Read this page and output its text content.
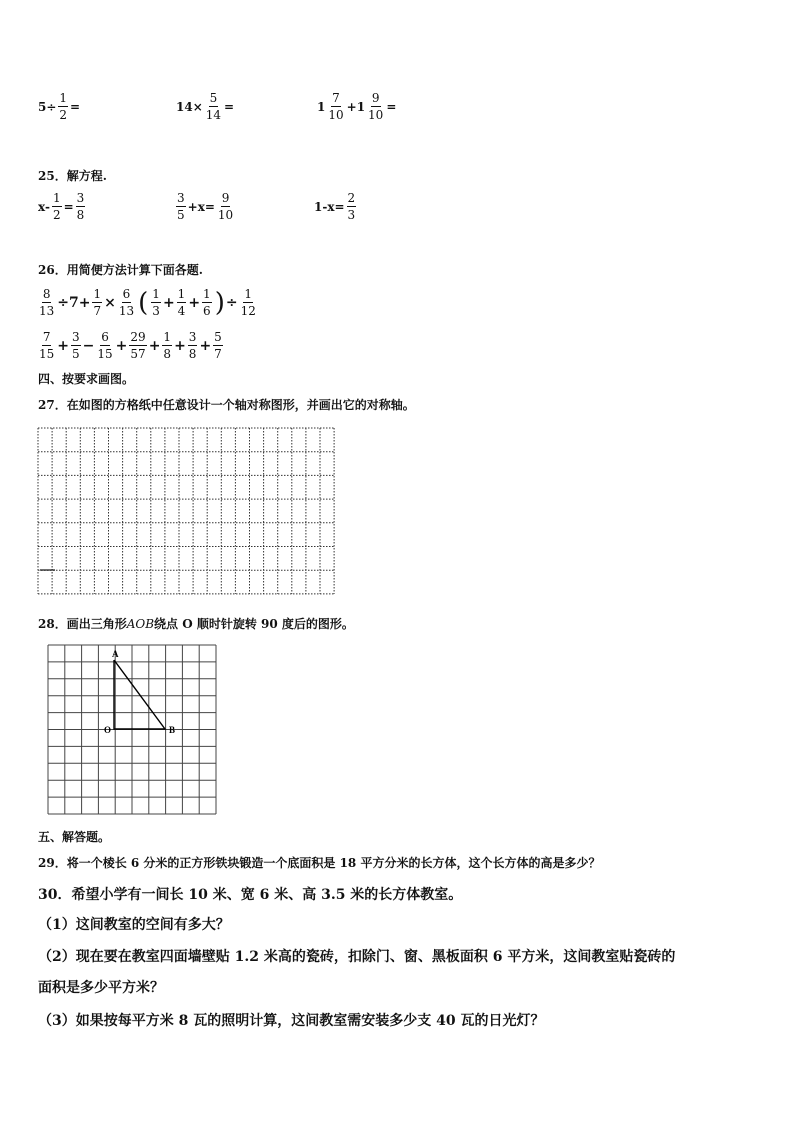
$5\div \frac{1}{2}$ =	$14\times \frac{5}{14}$ =	$1 \frac{7}{10} +1 \frac{9}{10}$ =
25．解方程.
$x- \frac{1}{2} = \frac{3}{8}$	$\frac{3}{5} +x= \frac{9}{10}$	$1-x= \frac{2}{3}$
26．用简便方法计算下面各题.
$\frac{8}{13} \div 7+ \frac{1}{7} \times \frac{6}{13}$ ( $\frac{1}{3} + \frac{1}{4} + \frac{1}{6}$ ) ÷ $\frac{1}{12}$
$\frac{7}{15} + \frac{3}{5} - \frac{6}{15} + \frac{29}{57} + \frac{1}{8} + \frac{3}{8} + \frac{5}{7}$
四、按要求画图。
27．在如图的方格纸中任意设计一个轴对称图形，并画出它的对称轴。
28．画出三角形AOB绕点 O 顺时针旋转 90 度后的图形。
A
O	B
五、解答题。
29．将一个棱长 6 分米的正方形铁块锻造一个底面积是 18 平方分米的长方体，这个长方体的高是多少？
30．希望小学有一间长 10 米、宽 6 米、高 3.5 米的长方体教室。
（1）这间教室的空间有多大？
（2）现在要在教室四面墙壁贴 1.2 米高的瓷砖，扣除门、窗、黑板面积 6 平方米，这间教室贴瓷砖的
面积是多少平方米？
（3）如果按每平方米 8 瓦的照明计算，这间教室需安装多少支 40 瓦的日光灯？
